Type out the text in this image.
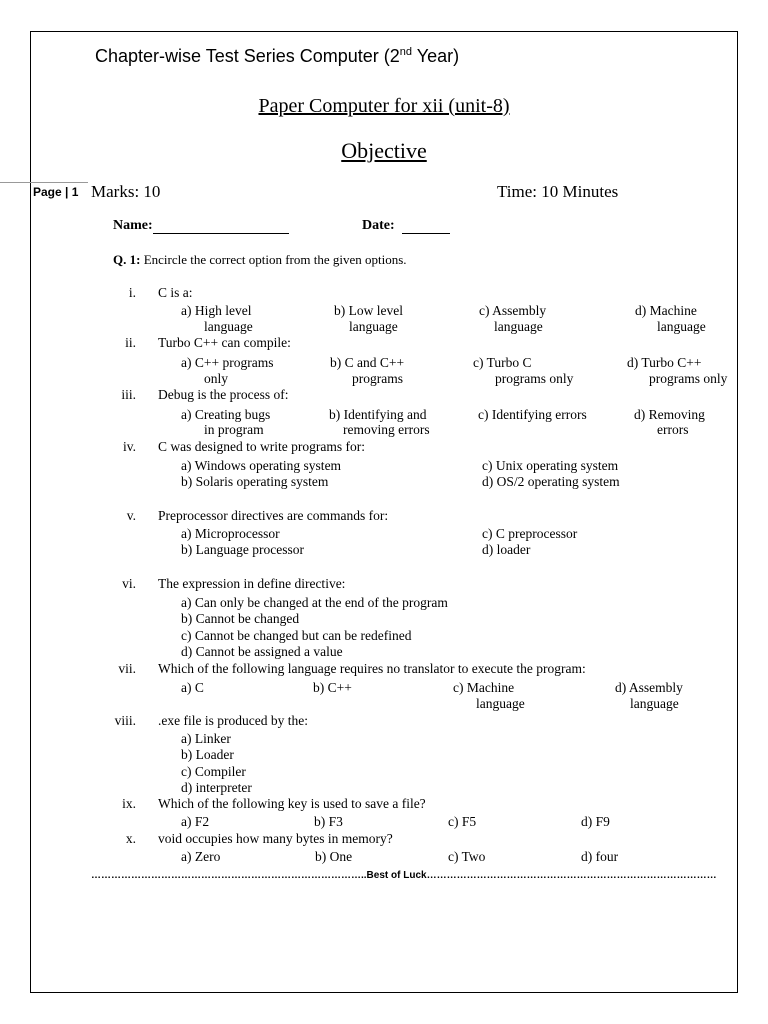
Chapter-wise Test Series Computer (2nd Year)
Paper Computer for xii (unit-8)
Objective
Page | 1 Marks: 10	Time: 10 Minutes
Name:	Date:
Q. 1: Encircle the correct option from the given options.
i. C is a:
a) High level
language
b) Low level
language
c) Assembly
language
d) Machine
language
ii. Turbo C++ can compile:
a) C++ programs
only
b) C and C++
programs
c) Turbo C
programs only
d) Turbo C++
programs only
iii. Debug is the process of:
a) Creating bugs
in program
b) Identifying and
removing errors
c) Identifying errors	d) Removing
errors
iv. C was designed to write programs for:
a) Windows operating system
b) Solaris operating system
c) Unix operating system
d) OS/2 operating system
v. Preprocessor directives are commands for:
a) Microprocessor
b) Language processor
c) C preprocessor
d) loader
vi. The expression in define directive:
a) Can only be changed at the end of the program
b) Cannot be changed
c) Cannot be changed but can be redefined
d) Cannot be assigned a value
vii. Which of the following language requires no translator to execute the program:
a) C	b) C++	c) Machine
language
d) Assembly
language
viii. .exe file is produced by the:
a) Linker
b) Loader
c) Compiler
d) interpreter
ix. Which of the following key is used to save a file?
a) F2	b) F3	c) F5	d) F9
x. void occupies how many bytes in memory?
a) Zero	b) One	c) Two	d) four
………………………………………………………………………..Best of Luck……………………………………………………………………………
